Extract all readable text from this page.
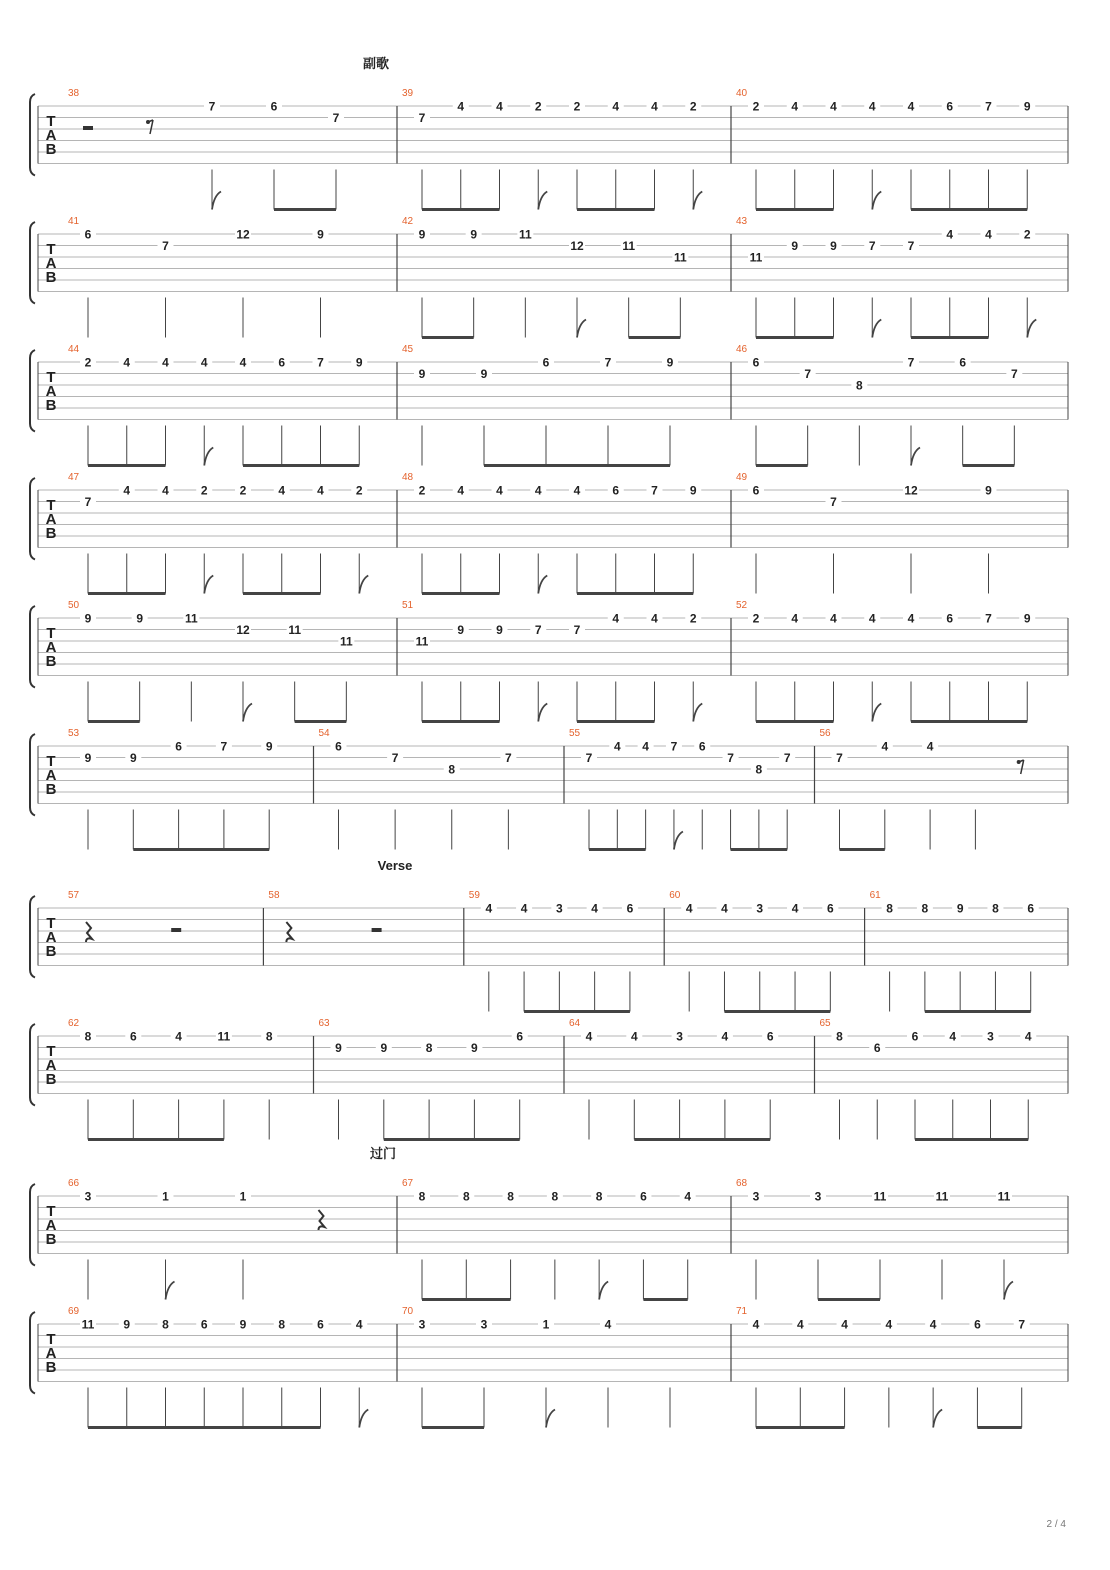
T
A
B
38
7	6
7
39
7
4	4	2	2	4	4	2
40
2	4	4	4	4	6	7	9
T
A
B
41
6
7
12	9
42
9	9	11
12	11
11
43
11
9	9	7	7
4	4	2
T
A
B
44
2	4	4	4	4	6	7	9
45
9	9
6	7	9
46
6
7
8
7	6
7
T
A
B
47
7
4	4	2	2	4	4	2
48
2	4	4	4	4	6	7	9
49
6
7
12	9
T
A
B
50
9	9	11
12	11
11
51
11
9	9	7	7
4	4	2
52
2	4	4	4	4	6	7	9
T
A
B
53
9	9
6	7	9
54
6
7
8
7
55
7
4 4 7 6
7
8
7
56
7
4	4
T
A
B
57	58	59
4 4 3 4 6
60
4 4 3 4 6
61
8 8 9 8 6
T
A
B
62
8	6	4	11	8
63
9	9	8	9
6
64
4	4	3	4	6
65
8
6
6	4	3	4
T
A
B
66
3	1	1
67
8	8	8	8	8	6	4
68
3	3	11	11	11
T
A
B
69
11 9	8	6	9	8	6	4
70
3	3	1	4
71
4	4	4	4	4	6	7
副歌
Verse
过门
2 / 4
